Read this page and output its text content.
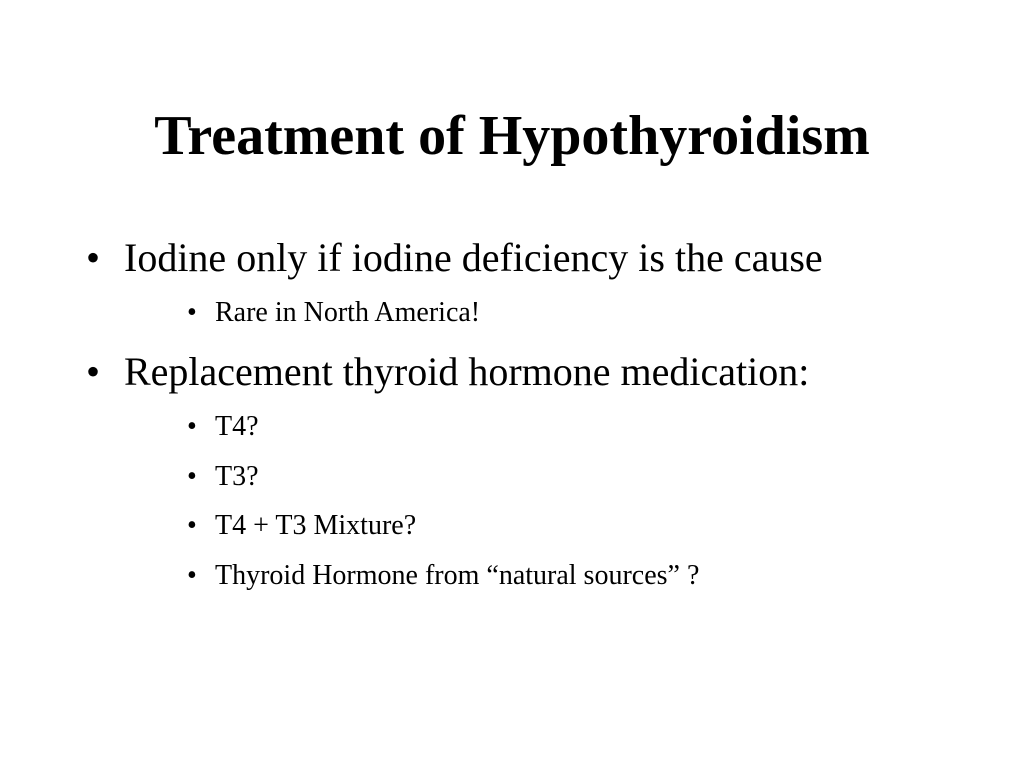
Treatment of Hypothyroidism
• Iodine only if iodine deficiency is the cause
• Rare in North America!
• Replacement thyroid hormone medication:
• T4?
• T3?
• T4 + T3 Mixture?
• Thyroid Hormone from “natural sources” ?
